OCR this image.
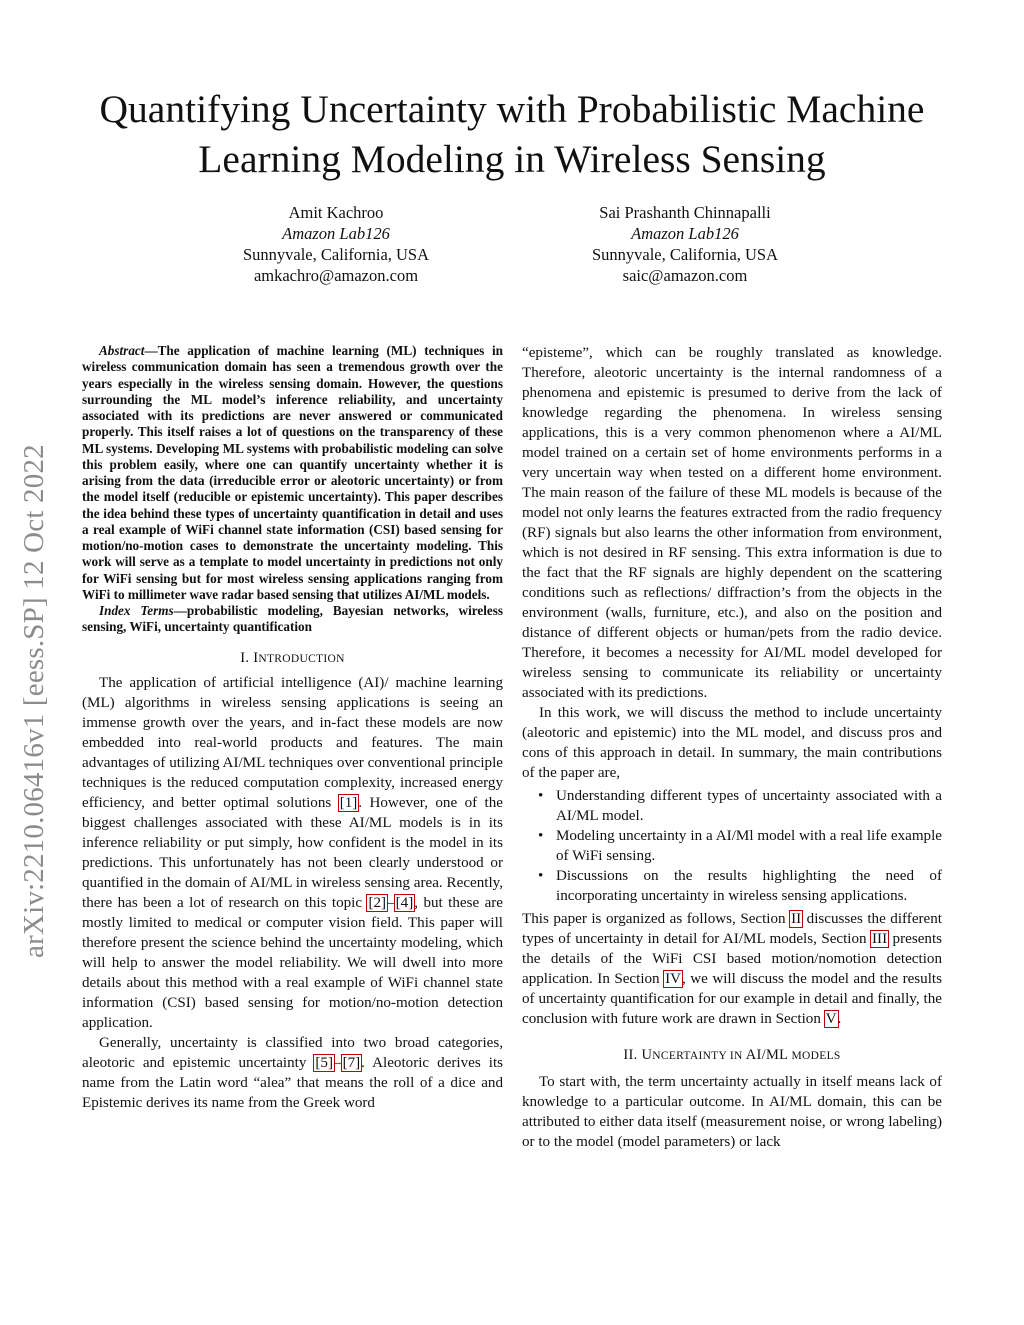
Quantifying Uncertainty with Probabilistic Machine
Learning Modeling in Wireless Sensing
Amit Kachroo
Amazon Lab126
Sunnyvale, California, USA
amkachro@amazon.com
Sai Prashanth Chinnapalli
Amazon Lab126
Sunnyvale, California, USA
saic@amazon.com
arXiv:2210.06416v1 [eess.SP] 12 Oct 2022

Abstract—The application of machine learning (ML) techniques in wireless communication domain has seen a tremendous growth over the years especially in the wireless sensing domain. However, the questions surrounding the ML model’s inference reliability, and uncertainty associated with its predictions are never answered or communicated properly. This itself raises a lot of questions on the transparency of these ML systems. Developing ML systems with probabilistic modeling can solve this problem easily, where one can quantify uncertainty whether it is arising from the data (irreducible error or aleotoric uncertainty) or from the model itself (reducible or epistemic uncertainty). This paper describes the idea behind these types of uncertainty quantification in detail and uses a real example of WiFi channel state information (CSI) based sensing for motion/no-motion cases to demonstrate the uncertainty modeling. This work will serve as a template to model uncertainty in predictions not only for WiFi sensing but for most wireless sensing applications ranging from WiFi to millimeter wave radar based sensing that utilizes AI/ML models.

Index Terms—probabilistic modeling, Bayesian networks, wireless sensing, WiFi, uncertainty quantification

I. INTRODUCTION

The application of artificial intelligence (AI)/ machine learning (ML) algorithms in wireless sensing applications is seeing an immense growth over the years, and in-fact these models are now embedded into real-world products and features. The main advantages of utilizing AI/ML techniques over conventional principle techniques is the reduced computation complexity, increased energy efficiency, and better optimal solutions [1]. However, one of the biggest challenges associated with these AI/ML models is in its inference reliability or put simply, how confident is the model in its predictions. This unfortunately has not been clearly understood or quantified in the domain of AI/ML in wireless sensing area. Recently, there has been a lot of research on this topic [2]–[4], but these are mostly limited to medical or computer vision field. This paper will therefore present the science behind the uncertainty modeling, which will help to answer the model reliability. We will dwell into more details about this method with a real example of WiFi channel state information (CSI) based sensing for motion/no-motion detection application.

Generally, uncertainty is classified into two broad categories, aleotoric and epistemic uncertainty [5]–[7]. Aleotoric derives its name from the Latin word “alea” that means the roll of a dice and Epistemic derives its name from the Greek word

“episteme”, which can be roughly translated as knowledge. Therefore, aleotoric uncertainty is the internal randomness of a phenomena and epistemic is presumed to derive from the lack of knowledge regarding the phenomena. In wireless sensing applications, this is a very common phenomenon where a AI/ML model trained on a certain set of home environments performs in a very uncertain way when tested on a different home environment. The main reason of the failure of these ML models is because of the model not only learns the features extracted from the radio frequency (RF) signals but also learns the other information from environment, which is not desired in RF sensing. This extra information is due to the fact that the RF signals are highly dependent on the scattering conditions such as reflections/ diffraction’s from the objects in the environment (walls, furniture, etc.), and also on the position and distance of different objects or human/pets from the radio device. Therefore, it becomes a necessity for AI/ML model developed for wireless sensing to communicate its reliability or uncertainty associated with its predictions.

In this work, we will discuss the method to include uncertainty (aleotoric and epistemic) into the ML model, and discuss pros and cons of this approach in detail. In summary, the main contributions of the paper are,

• Understanding different types of uncertainty associated with a AI/ML model.
• Modeling uncertainty in a AI/Ml model with a real life example of WiFi sensing.
• Discussions on the results highlighting the need of incorporating uncertainty in wireless sensing applications.

This paper is organized as follows, Section II discusses the different types of uncertainty in detail for AI/ML models, Section III presents the details of the WiFi CSI based motion/nomotion detection application. In Section IV, we will discuss the model and the results of uncertainty quantification for our example in detail and finally, the conclusion with future work are drawn in Section V.

II. UNCERTAINTY IN AI/ML MODELS

To start with, the term uncertainty actually in itself means lack of knowledge to a particular outcome. In AI/ML domain, this can be attributed to either data itself (measurement noise, or wrong labeling) or to the model (model parameters) or lack
